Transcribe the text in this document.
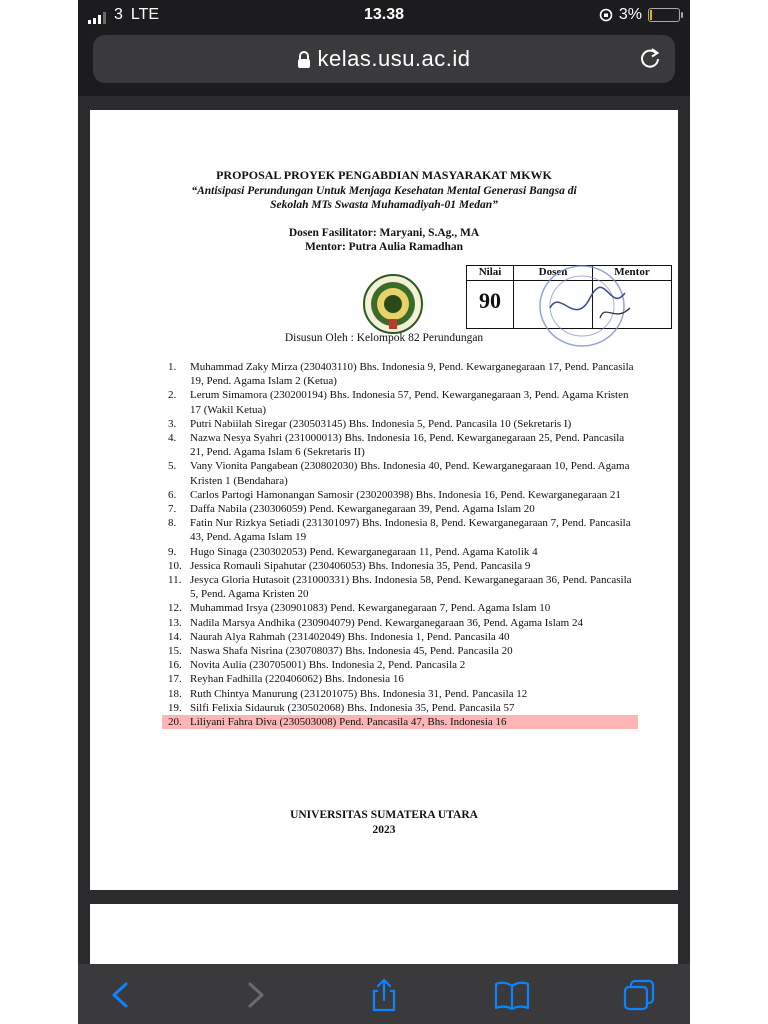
3 LTE	13.38	3%
kelas.usu.ac.id
PROPOSAL PROYEK PENGABDIAN MASYARAKAT MKWK
“Antisipasi Perundungan Untuk Menjaga Kesehatan Mental Generasi Bangsa di
Sekolah MTs Swasta Muhamadiyah-01 Medan”
Dosen Fasilitator: Maryani, S.Ag., MA
Mentor: Putra Aulia Ramadhan
Nilai	Dosen	Mentor
90
Disusun Oleh : Kelompok 82 Perundungan
1. Muhammad Zaky Mirza (230403110) Bhs. Indonesia 9, Pend. Kewarganegaraan 17, Pend. Pancasila 19, Pend. Agama Islam 2 (Ketua)
2. Lerum Simamora (230200194) Bhs. Indonesia 57, Pend. Kewarganegaraan 3, Pend. Agama Kristen 17 (Wakil Ketua)
3. Putri Nabiilah Siregar (230503145) Bhs. Indonesia 5, Pend. Pancasila 10 (Sekretaris I)
4. Nazwa Nesya Syahri (231000013) Bhs. Indonesia 16, Pend. Kewarganegaraan 25, Pend. Pancasila 21, Pend. Agama Islam 6 (Sekretaris II)
5. Vany Vionita Pangabean (230802030) Bhs. Indonesia 40, Pend. Kewarganegaraan 10, Pend. Agama Kristen 1 (Bendahara)
6. Carlos Partogi Hamonangan Samosir (230200398) Bhs. Indonesia 16, Pend. Kewarganegaraan 21
7. Daffa Nabila (230306059) Pend. Kewarganegaraan 39, Pend. Agama Islam 20
8. Fatin Nur Rizkya Setiadi (231301097) Bhs. Indonesia 8, Pend. Kewarganegaraan 7, Pend. Pancasila 43, Pend. Agama Islam 19
9. Hugo Sinaga (230302053) Pend. Kewarganegaraan 11, Pend. Agama Katolik 4
10. Jessica Romauli Sipahutar (230406053) Bhs. Indonesia 35, Pend. Pancasila 9
11. Jesyca Gloria Hutasoit (231000331) Bhs. Indonesia 58, Pend. Kewarganegaraan 36, Pend. Pancasila 5, Pend. Agama Kristen 20
12. Muhammad Irsya (230901083) Pend. Kewarganegaraan 7, Pend. Agama Islam 10
13. Nadila Marsya Andhika (230904079) Pend. Kewarganegaraan 36, Pend. Agama Islam 24
14. Naurah Alya Rahmah (231402049) Bhs. Indonesia 1, Pend. Pancasila 40
15. Naswa Shafa Nisrina (230708037) Bhs. Indonesia 45, Pend. Pancasila 20
16. Novita Aulia (230705001) Bhs. Indonesia 2, Pend. Pancasila 2
17. Reyhan Fadhilla (220406062) Bhs. Indonesia 16
18. Ruth Chintya Manurung (231201075) Bhs. Indonesia 31, Pend. Pancasila 12
19. Silfi Felixia Sidauruk (230502068) Bhs. Indonesia 35, Pend. Pancasila 57
20. Liliyani Fahra Diva (230503008) Pend. Pancasila 47, Bhs. Indonesia 16
UNIVERSITAS SUMATERA UTARA
2023
